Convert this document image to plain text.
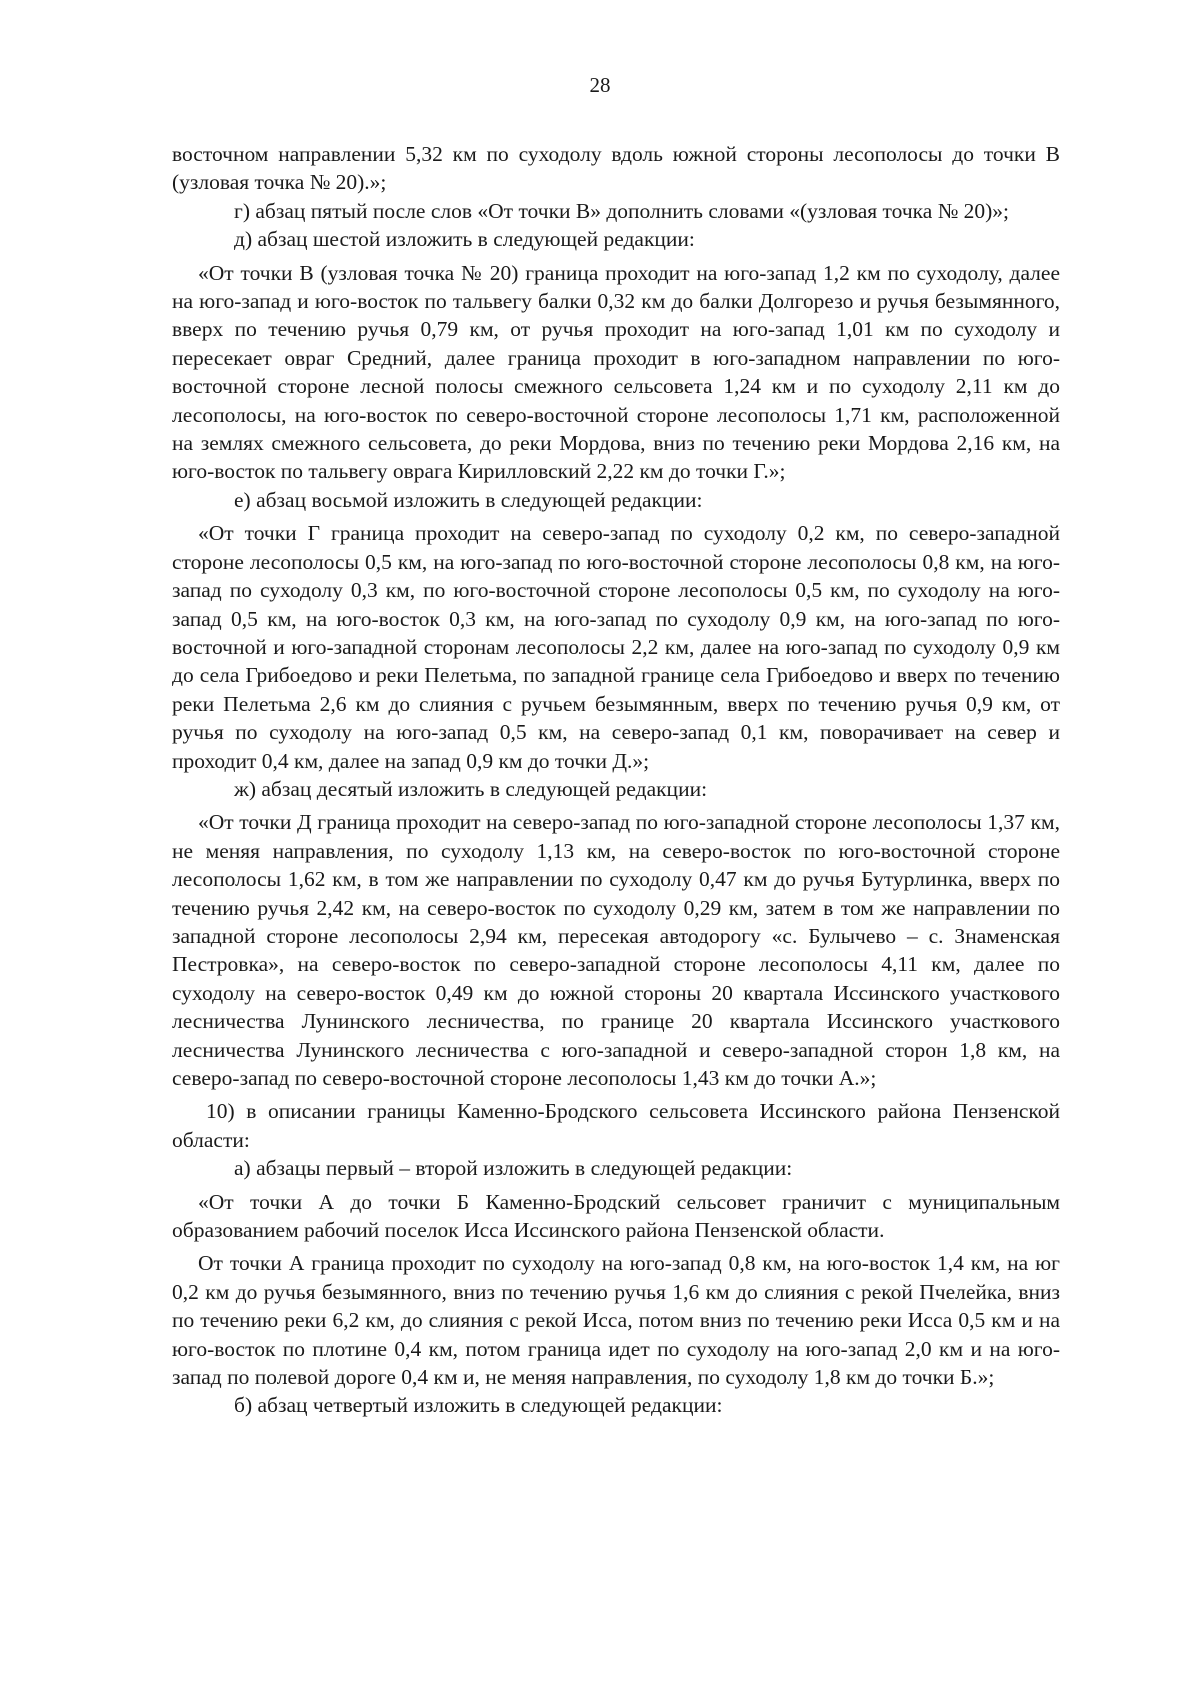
28

восточном направлении 5,32 км по суходолу вдоль южной стороны лесополосы до точки В (узловая точка № 20).»;

г) абзац пятый после слов «От точки В» дополнить словами «(узловая точка № 20)»;

д) абзац шестой изложить в следующей редакции:

«От точки В (узловая точка № 20) граница проходит на юго-запад 1,2 км по суходолу, далее на юго-запад и юго-восток по тальвегу балки 0,32 км до балки Долгорезо и ручья безымянного, вверх по течению ручья 0,79 км, от ручья проходит на юго-запад 1,01 км по суходолу и пересекает овраг Средний, далее граница проходит в юго-западном направлении по юго-восточной стороне лесной полосы смежного сельсовета 1,24 км и по суходолу 2,11 км до лесополосы, на юго-восток по северо-восточной стороне лесополосы 1,71 км, расположенной на землях смежного сельсовета, до реки Мордова, вниз по течению реки Мордова 2,16 км, на юго-восток по тальвегу оврага Кирилловский 2,22 км до точки Г.»;

е) абзац восьмой изложить в следующей редакции:

«От точки Г граница проходит на северо-запад по суходолу 0,2 км, по северо-западной стороне лесополосы 0,5 км, на юго-запад по юго-восточной стороне лесополосы 0,8 км, на юго-запад по суходолу 0,3 км, по юго-восточной стороне лесополосы 0,5 км, по суходолу на юго-запад 0,5 км, на юго-восток 0,3 км, на юго-запад по суходолу 0,9 км, на юго-запад по юго-восточной и юго-западной сторонам лесополосы 2,2 км, далее на юго-запад по суходолу 0,9 км до села Грибоедово и реки Пелетьма, по западной границе села Грибоедово и вверх по течению реки Пелетьма 2,6 км до слияния с ручьем безымянным, вверх по течению ручья 0,9 км, от ручья по суходолу на юго-запад 0,5 км, на северо-запад 0,1 км, поворачивает на север и проходит 0,4 км, далее на запад 0,9 км до точки Д.»;

ж) абзац десятый изложить в следующей редакции:

«От точки Д граница проходит на северо-запад по юго-западной стороне лесополосы 1,37 км, не меняя направления, по суходолу 1,13 км, на северо-восток по юго-восточной стороне лесополосы 1,62 км, в том же направлении по суходолу 0,47 км до ручья Бутурлинка, вверх по течению ручья 2,42 км, на северо-восток по суходолу 0,29 км, затем в том же направлении по западной стороне лесополосы 2,94 км, пересекая автодорогу «с. Булычево – с. Знаменская Пестровка», на северо-восток по северо-западной стороне лесополосы 4,11 км, далее по суходолу на северо-восток 0,49 км до южной стороны 20 квартала Иссинского участкового лесничества Лунинского лесничества, по границе 20 квартала Иссинского участкового лесничества Лунинского лесничества с юго-западной и северо-западной сторон 1,8 км, на северо-запад по северо-восточной стороне лесополосы 1,43 км до точки А.»;

10) в описании границы Каменно-Бродского сельсовета Иссинского района Пензенской области:

а) абзацы первый – второй изложить в следующей редакции:

«От точки А до точки Б Каменно-Бродский сельсовет граничит с муниципальным образованием рабочий поселок Исса Иссинского района Пензенской области.

От точки А граница проходит по суходолу на юго-запад 0,8 км, на юго-восток 1,4 км, на юг 0,2 км до ручья безымянного, вниз по течению ручья 1,6 км до слияния с рекой Пчелейка, вниз по течению реки 6,2 км, до слияния с рекой Исса, потом вниз по течению реки Исса 0,5 км и на юго-восток по плотине 0,4 км, потом граница идет по суходолу на юго-запад 2,0 км и на юго-запад по полевой дороге 0,4 км и, не меняя направления, по суходолу 1,8 км до точки Б.»;

б) абзац четвертый изложить в следующей редакции:
